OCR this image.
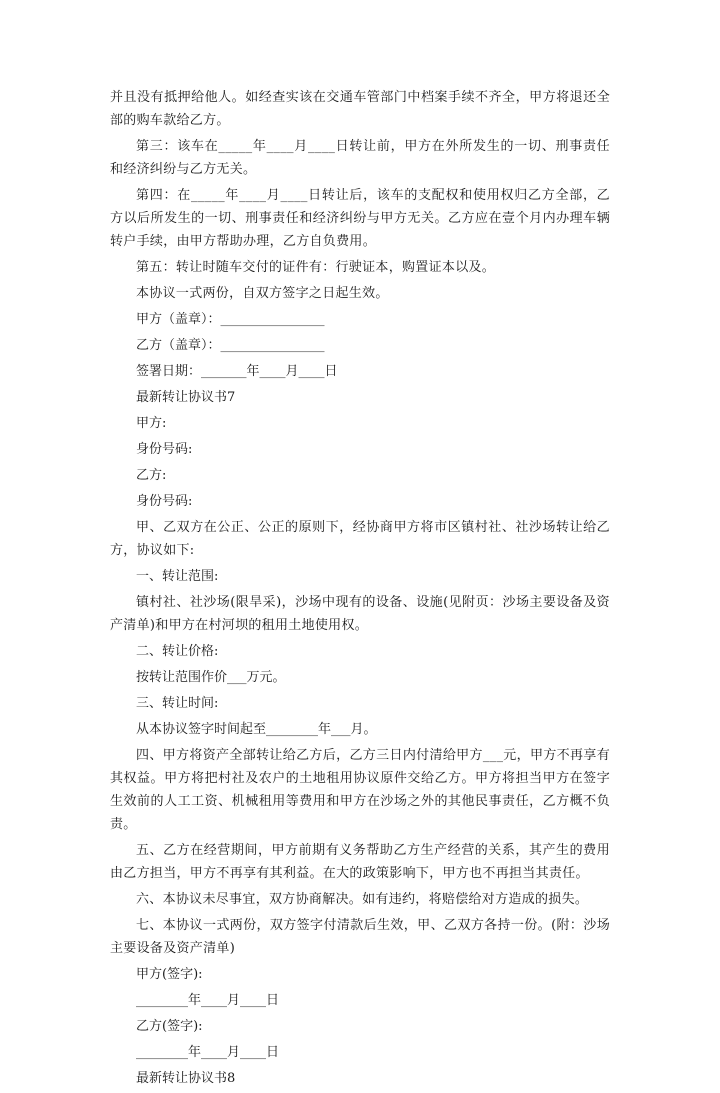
并且没有抵押给他人。如经查实该在交通车管部门中档案手续不齐全，甲方将退还全部的购车款给乙方。

第三：该车在_____年____月____日转让前，甲方在外所发生的一切、刑事责任和经济纠纷与乙方无关。

第四：在_____年____月____日转让后，该车的支配权和使用权归乙方全部，乙方以后所发生的一切、刑事责任和经济纠纷与甲方无关。乙方应在壹个月内办理车辆转户手续，由甲方帮助办理，乙方自负费用。

第五：转让时随车交付的证件有：行驶证本，购置证本以及。

本协议一式两份，自双方签字之日起生效。

甲方（盖章）：________________

乙方（盖章）：________________

签署日期：_______年____月____日

最新转让协议书7

甲方:

身份号码:

乙方:

身份号码:

甲、乙双方在公正、公正的原则下，经协商甲方将市区镇村社、社沙场转让给乙方，协议如下:

一、转让范围:

镇村社、社沙场(限旱采)，沙场中现有的设备、设施(见附页：沙场主要设备及资产清单)和甲方在村河坝的租用土地使用权。

二、转让价格:

按转让范围作价___万元。

三、转让时间:

从本协议签字时间起至________年___月。

四、甲方将资产全部转让给乙方后，乙方三日内付清给甲方___元，甲方不再享有其权益。甲方将把村社及农户的土地租用协议原件交给乙方。甲方将担当甲方在签字生效前的人工工资、机械租用等费用和甲方在沙场之外的其他民事责任，乙方概不负责。

五、乙方在经营期间，甲方前期有义务帮助乙方生产经营的关系，其产生的费用由乙方担当，甲方不再享有其利益。在大的政策影响下，甲方也不再担当其责任。

六、本协议未尽事宜，双方协商解决。如有违约，将赔偿给对方造成的损失。

七、本协议一式两份，双方签字付清款后生效，甲、乙双方各持一份。(附：沙场主要设备及资产清单)

甲方(签字):

________年____月____日

乙方(签字):

________年____月____日

最新转让协议书8
